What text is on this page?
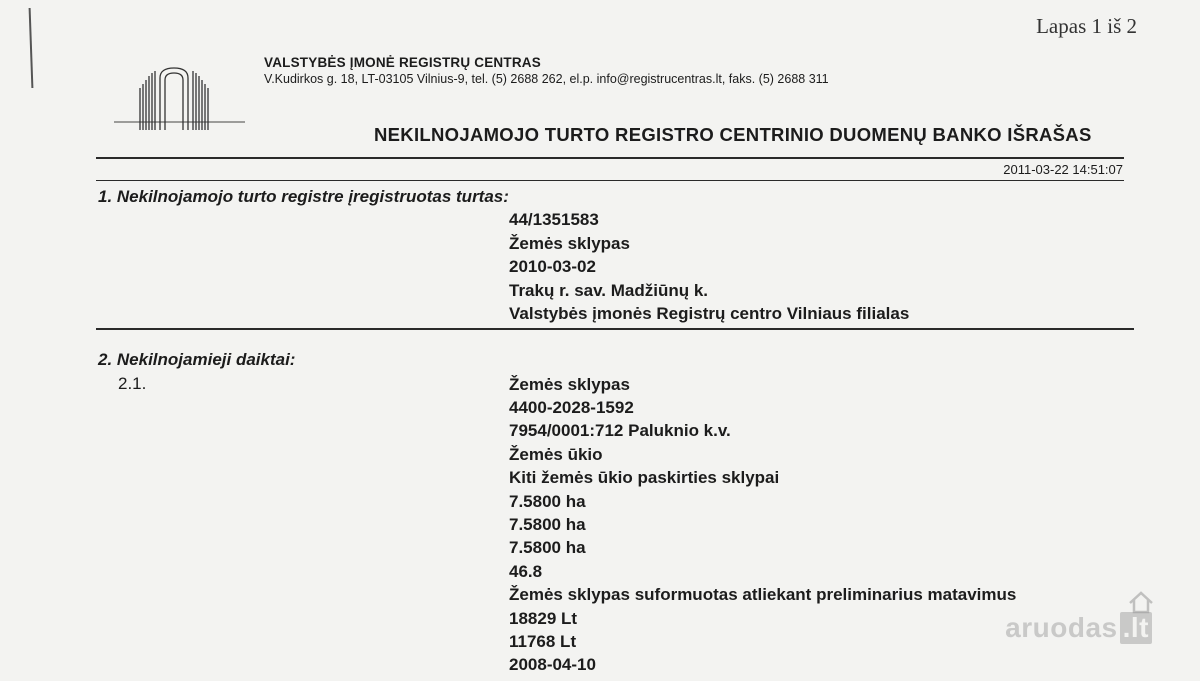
Lapas 1 iš 2
VALSTYBĖS ĮMONĖ REGISTRŲ CENTRAS
V.Kudirkos g. 18, LT-03105 Vilnius-9, tel. (5) 2688 262, el.p. info@registrucentras.lt, faks. (5) 2688 311
NEKILNOJAMOJO TURTO REGISTRO CENTRINIO DUOMENŲ BANKO IŠRAŠAS
2011-03-22 14:51:07
1. Nekilnojamojo turto registre įregistruotas turtas:
44/1351583
Žemės sklypas
2010-03-02
Trakų r. sav. Madžiūnų k.
Valstybės įmonės Registrų centro Vilniaus filialas
2. Nekilnojamieji daiktai:
2.1.	Žemės sklypas
4400-2028-1592
7954/0001:712 Paluknio k.v.
Žemės ūkio
Kiti žemės ūkio paskirties sklypai
7.5800 ha
7.5800 ha
7.5800 ha
46.8
Žemės sklypas suformuotas atliekant preliminarius matavimus
18829 Lt
11768 Lt
2008-04-10
aruodas .lt
